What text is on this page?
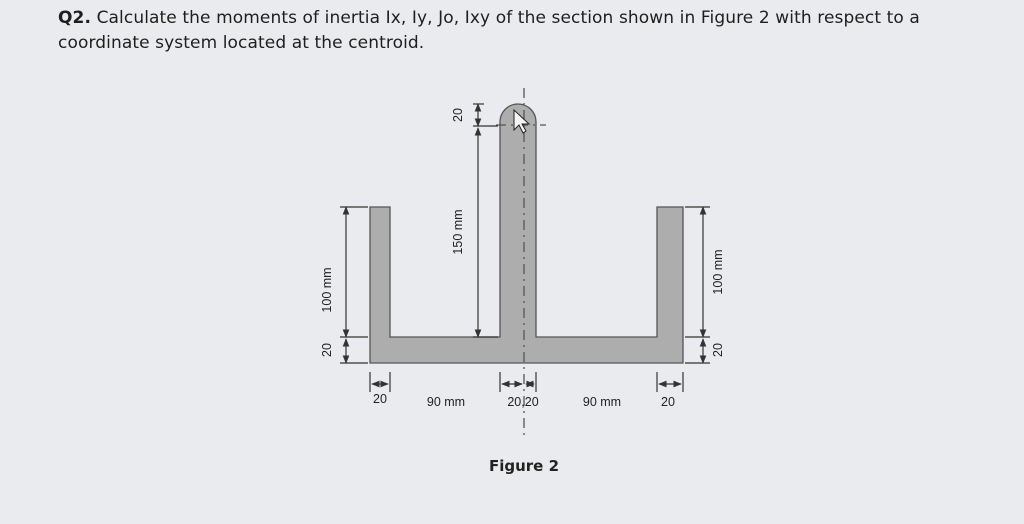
Q2. Calculate the moments of inertia Ix, Iy, Jo, Ixy of the section shown in Figure 2 with respect to a coordinate system located at the centroid.
20
150 mm
100 mm
20
100 mm
20
20	90 mm	20,20	90 mm	20
Figure 2
